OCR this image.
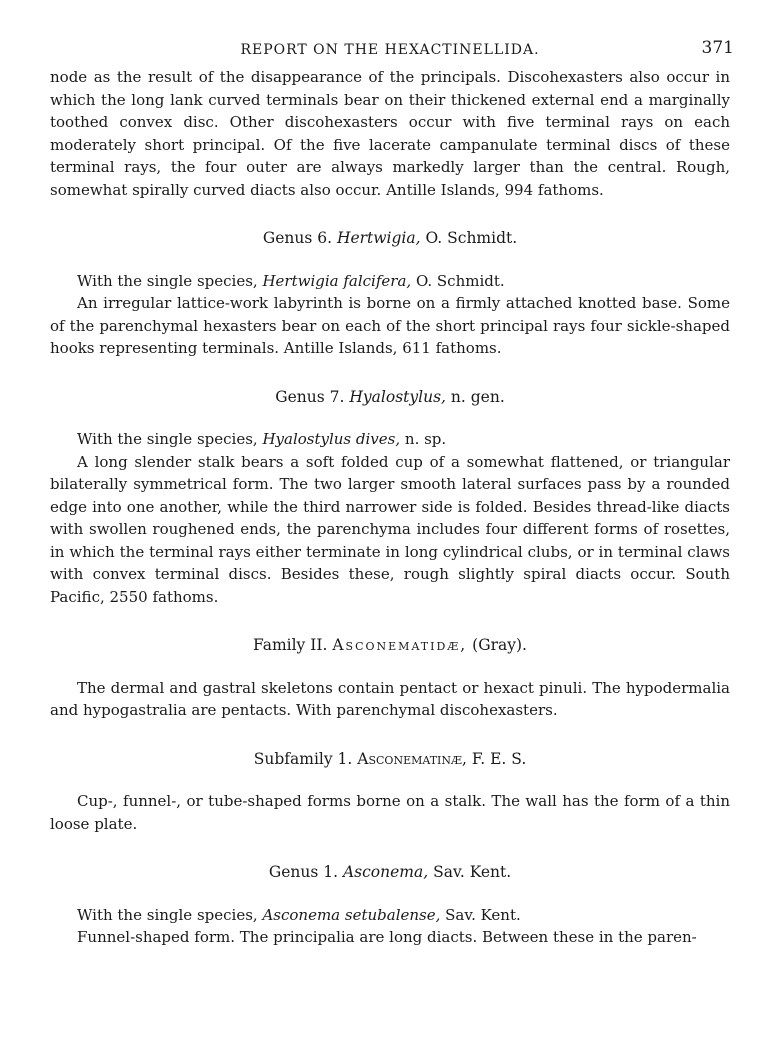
REPORT ON THE HEXACTINELLIDA.	371

node as the result of the disappearance of the principals. Discohexasters also occur in which the long lank curved terminals bear on their thickened external end a marginally toothed convex disc. Other discohexasters occur with five terminal rays on each moderately short principal. Of the five lacerate campanulate terminal discs of these terminal rays, the four outer are always markedly larger than the central. Rough, somewhat spirally curved diacts also occur. Antille Islands, 994 fathoms.

Genus 6. Hertwigia, O. Schmidt.

With the single species, Hertwigia falcifera, O. Schmidt.

An irregular lattice-work labyrinth is borne on a firmly attached knotted base. Some of the parenchymal hexasters bear on each of the short principal rays four sickle-shaped hooks representing terminals. Antille Islands, 611 fathoms.

Genus 7. Hyalostylus, n. gen.

With the single species, Hyalostylus dives, n. sp.

A long slender stalk bears a soft folded cup of a somewhat flattened, or triangular bilaterally symmetrical form. The two larger smooth lateral surfaces pass by a rounded edge into one another, while the third narrower side is folded. Besides thread-like diacts with swollen roughened ends, the parenchyma includes four different forms of rosettes, in which the terminal rays either terminate in long cylindrical clubs, or in terminal claws with convex terminal discs. Besides these, rough slightly spiral diacts occur. South Pacific, 2550 fathoms.

Family II. Asconematidæ, (Gray).

The dermal and gastral skeletons contain pentact or hexact pinuli. The hypodermalia and hypogastralia are pentacts. With parenchymal discohexasters.

Subfamily 1. Asconematinæ, F. E. S.

Cup-, funnel-, or tube-shaped forms borne on a stalk. The wall has the form of a thin loose plate.

Genus 1. Asconema, Sav. Kent.

With the single species, Asconema setubalense, Sav. Kent.

Funnel-shaped form. The principalia are long diacts. Between these in the paren-
